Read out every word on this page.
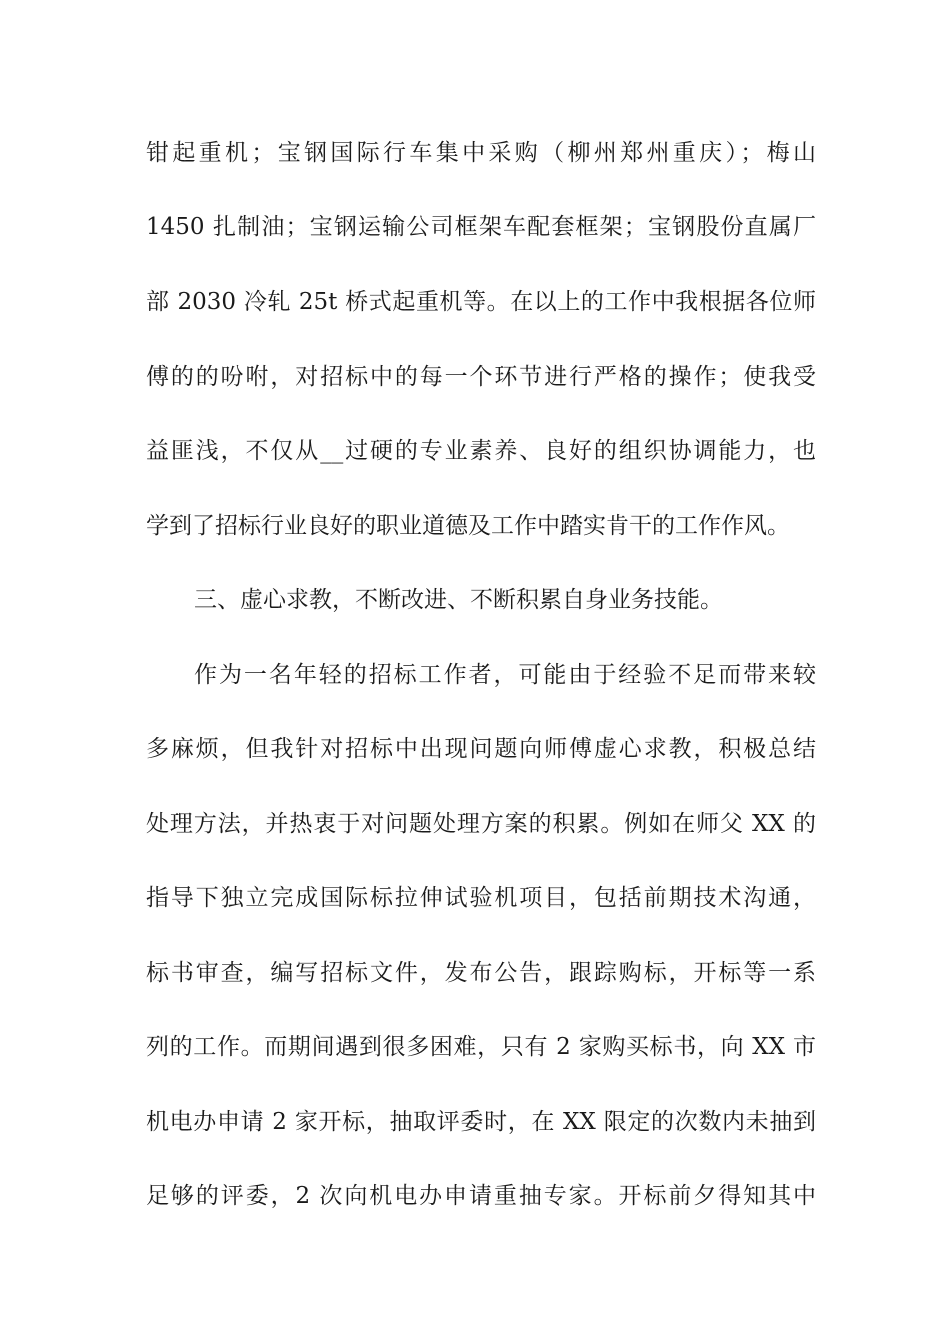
钳起重机；宝钢国际行车集中采购（柳州郑州重庆）；梅山
1450 扎制油；宝钢运输公司框架车配套框架；宝钢股份直属厂
部 2030 冷轧 25t 桥式起重机等。在以上的工作中我根据各位师
傅的的吩咐，对招标中的每一个环节进行严格的操作；使我受
益匪浅，不仅从__过硬的专业素养、良好的组织协调能力，也
学到了招标行业良好的职业道德及工作中踏实肯干的工作作风。
三、虚心求教，不断改进、不断积累自身业务技能。
作为一名年轻的招标工作者，可能由于经验不足而带来较
多麻烦，但我针对招标中出现问题向师傅虚心求教，积极总结
处理方法，并热衷于对问题处理方案的积累。例如在师父 XX 的
指导下独立完成国际标拉伸试验机项目，包括前期技术沟通，
标书审查，编写招标文件，发布公告，跟踪购标，开标等一系
列的工作。而期间遇到很多困难，只有 2 家购买标书，向 XX 市
机电办申请 2 家开标，抽取评委时，在 XX 限定的次数内未抽到
足够的评委，2 次向机电办申请重抽专家。开标前夕得知其中
